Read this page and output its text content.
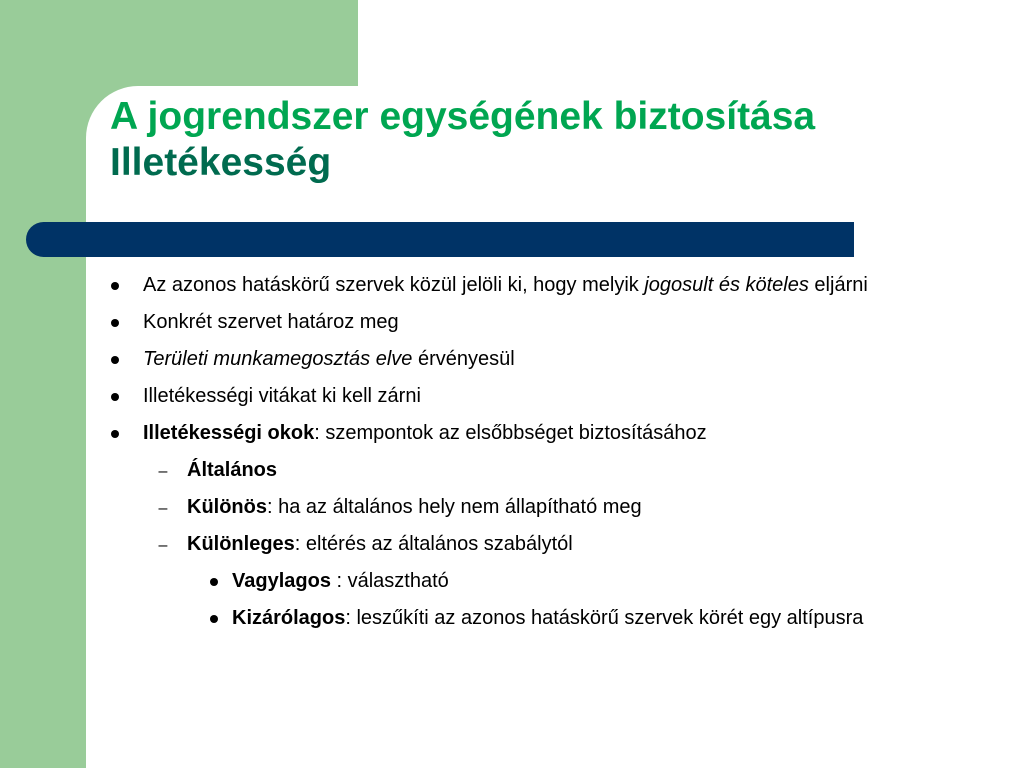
A jogrendszer egységének biztosítása
Illetékesség
Az azonos hatáskörű szervek közül jelöli ki, hogy melyik jogosult és köteles eljárni
Konkrét szervet határoz meg
Területi munkamegosztás elve érvényesül
Illetékességi vitákat ki kell zárni
Illetékességi okok: szempontok az elsőbbséget biztosításához
–
Általános
–
Különös: ha az általános hely nem állapítható meg
–
Különleges: eltérés az általános szabálytól
Vagylagos : választható
Kizárólagos: leszűkíti az azonos hatáskörű szervek körét egy altípusra
